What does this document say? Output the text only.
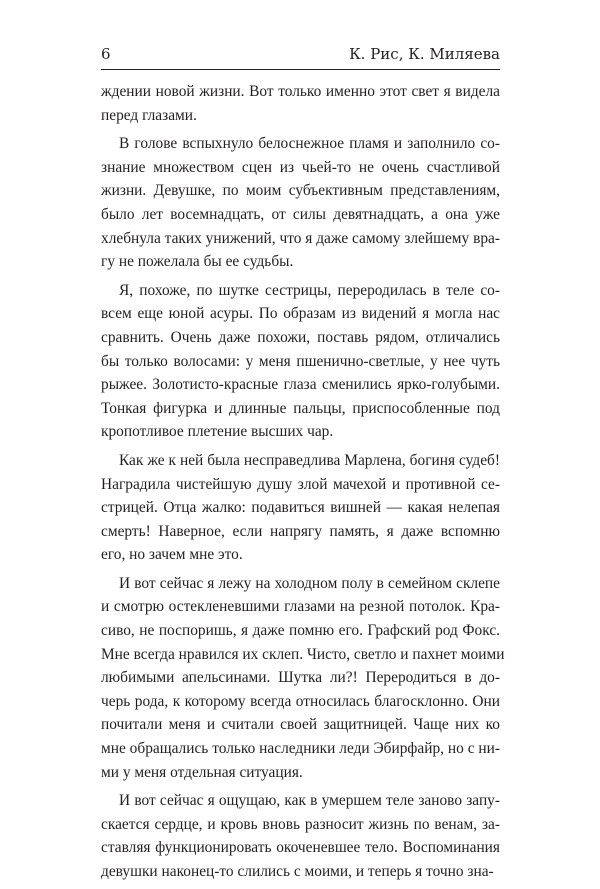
6	К. Рис, К. Миляева
ждении новой жизни. Вот только именно этот свет я видела
перед глазами.
В голове вспыхнуло белоснежное пламя и заполнило со-
знание множеством сцен из чьей-то не очень счастливой
жизни. Девушке, по моим субъективным представлениям,
было лет восемнадцать, от силы девятнадцать, а она уже
хлебнула таких унижений, что я даже самому злейшему вра-
гу не пожелала бы ее судьбы.
Я, похоже, по шутке сестрицы, переродилась в теле со-
всем еще юной асуры. По образам из видений я могла нас
сравнить. Очень даже похожи, поставь рядом, отличались
бы только волосами: у меня пшенично-светлые, у нее чуть
рыжее. Золотисто-красные глаза сменились ярко-голубыми.
Тонкая фигурка и длинные пальцы, приспособленные под
кропотливое плетение высших чар.
Как же к ней была несправедлива Марлена, богиня судеб!
Наградила чистейшую душу злой мачехой и противной се-
стрицей. Отца жалко: подавиться вишней — какая нелепая
смерть! Наверное, если напрягу память, я даже вспомню
его, но зачем мне это.
И вот сейчас я лежу на холодном полу в семейном склепе
и смотрю остекленевшими глазами на резной потолок. Кра-
сиво, не поспоришь, я даже помню его. Графский род Фокс.
Мне всегда нравился их склеп. Чисто, светло и пахнет моими
любимыми апельсинами. Шутка ли?! Переродиться в до-
черь рода, к которому всегда относилась благосклонно. Они
почитали меня и считали своей защитницей. Чаще них ко
мне обращались только наследники леди Эбирфайр, но с ни-
ми у меня отдельная ситуация.
И вот сейчас я ощущаю, как в умершем теле заново запу-
скается сердце, и кровь вновь разносит жизнь по венам, за-
ставляя функционировать окоченевшее тело. Воспоминания
девушки наконец-то слились с моими, и теперь я точно зна-
